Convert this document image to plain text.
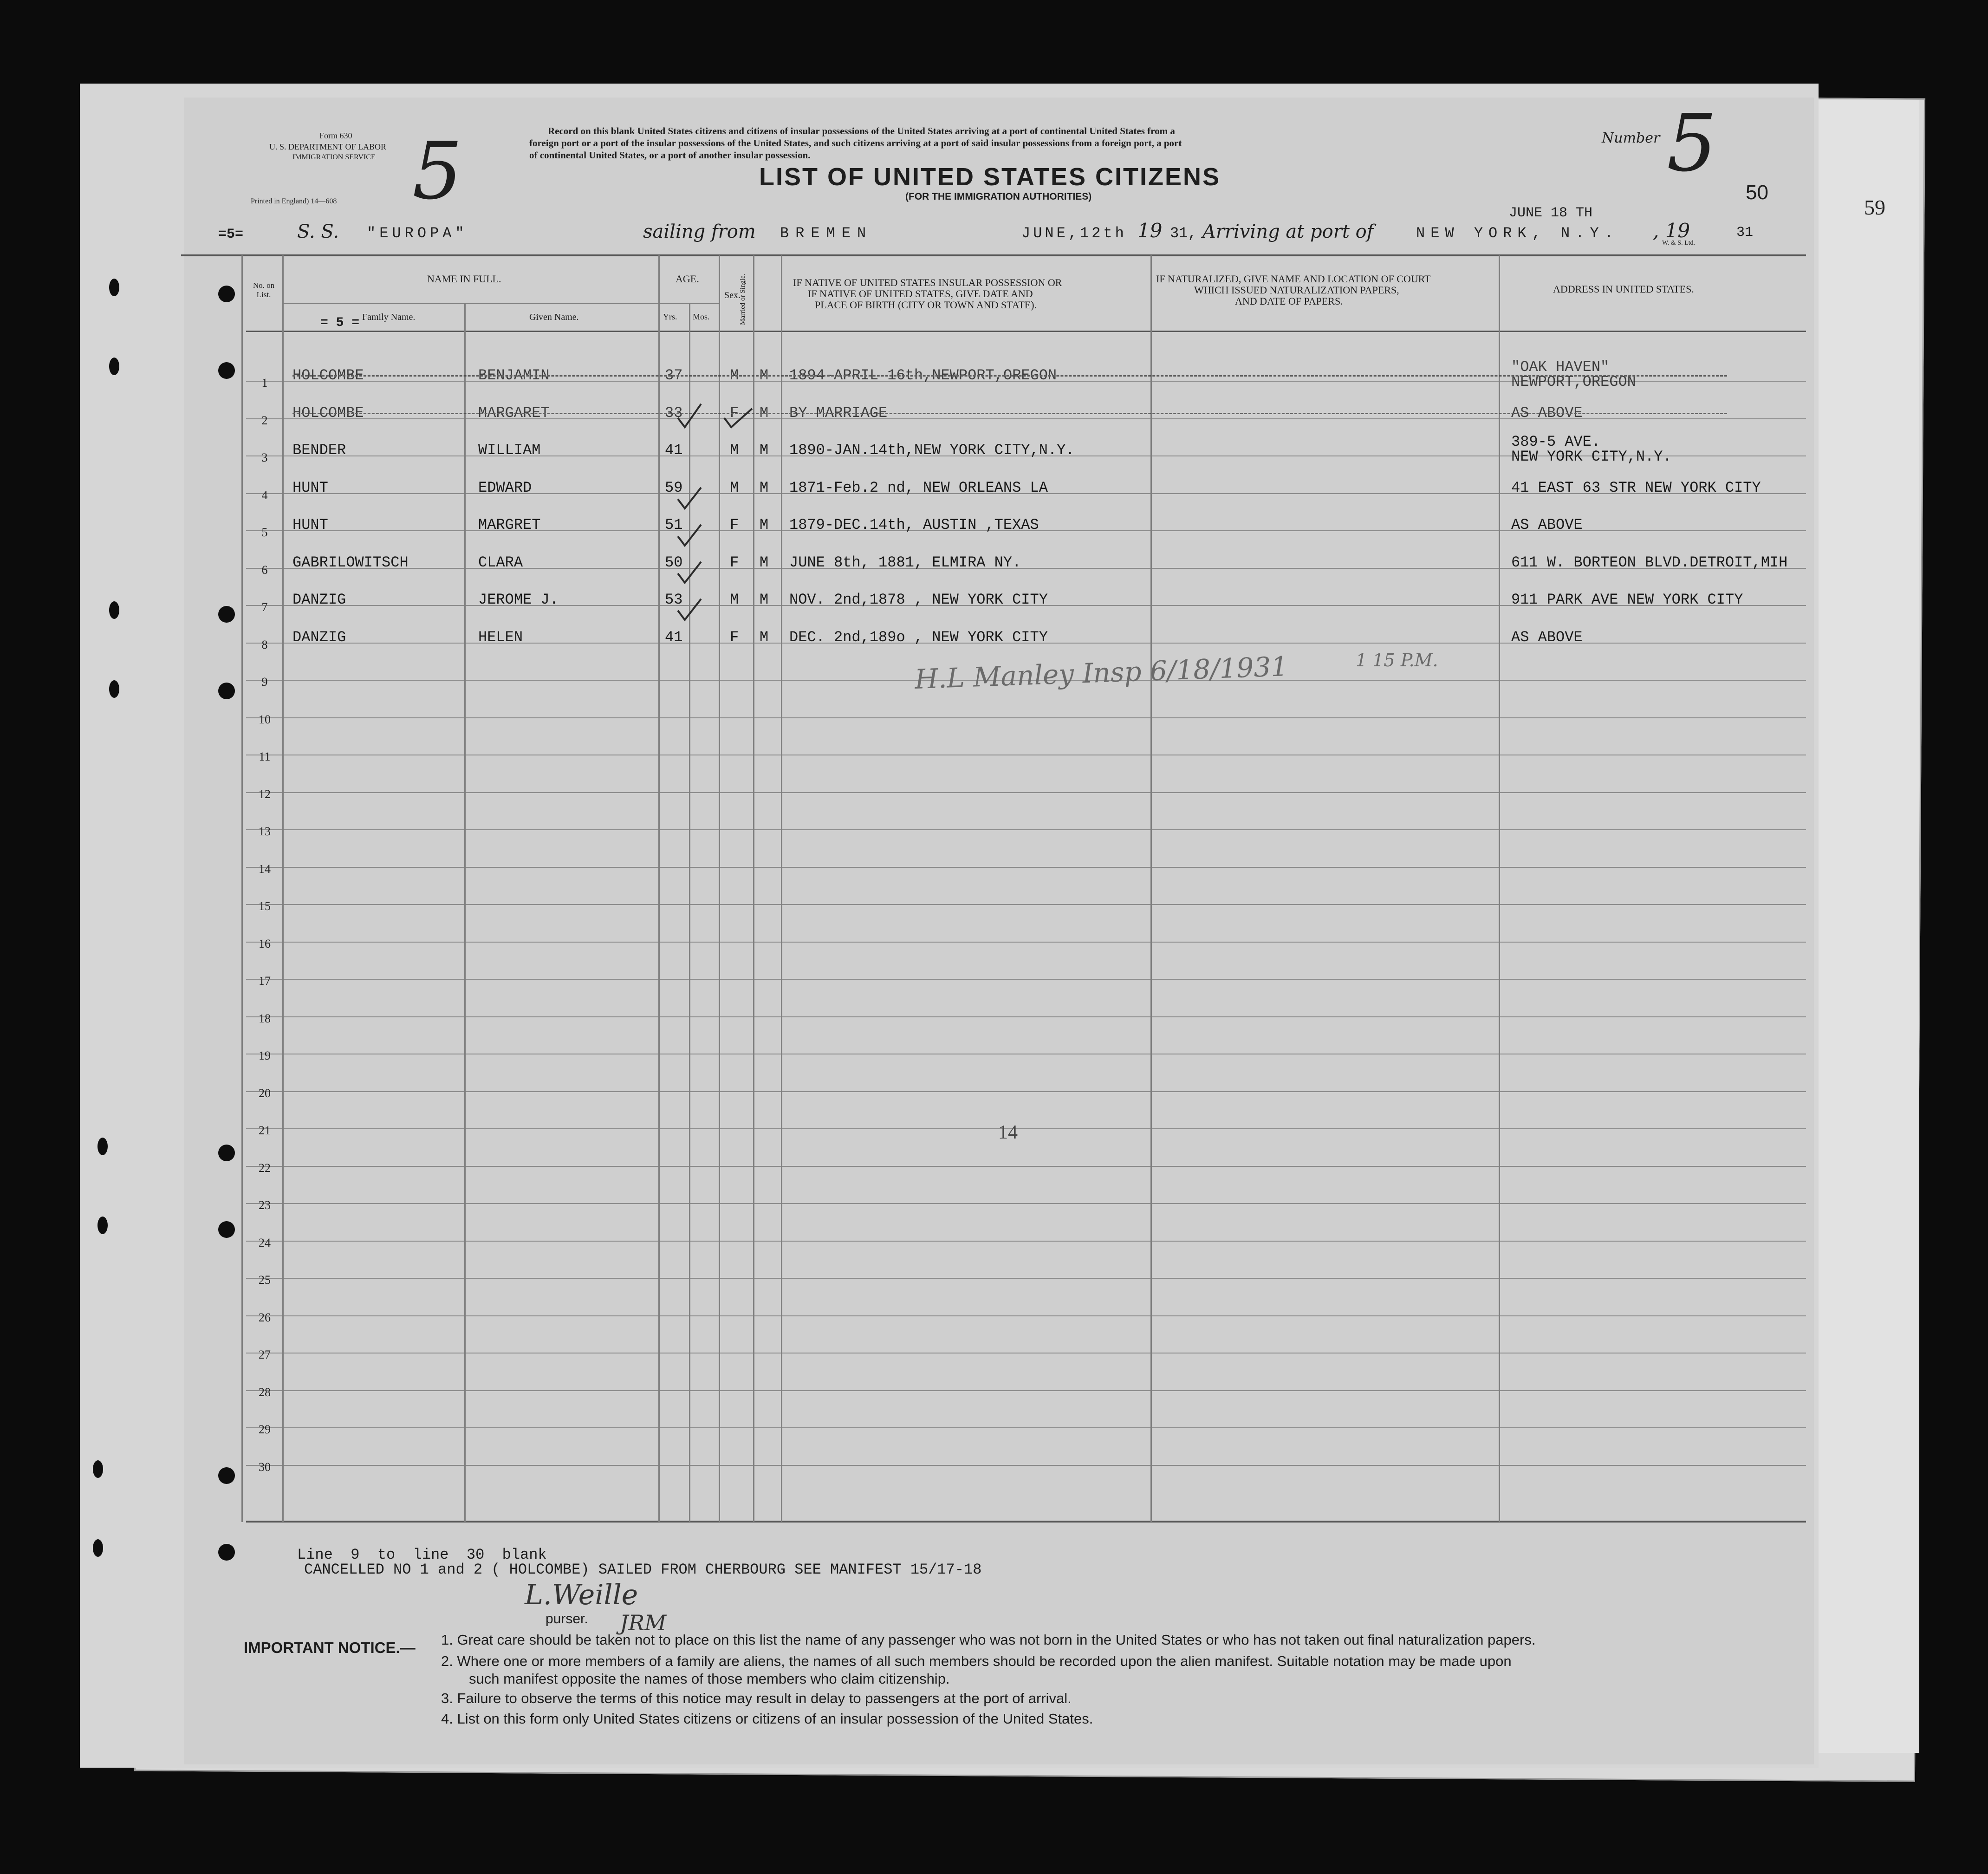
59
Form 630
U. S. DEPARTMENT OF LABOR
IMMIGRATION SERVICE
Printed in England) 14—608 5	Record on this blank United States citizens and citizens of insular possessions of the United States arriving at a port of continental United States from a
foreign port or a port of the insular possessions of the United States, and such citizens arriving at a port of said insular possessions from a foreign port, a port
of continental United States, or a port of another insular possession.
LIST OF UNITED STATES CITIZENS
(FOR THE IMMIGRATION AUTHORITIES)
Number 5
50
=5=	S. S. "EUROPA"	sailing from BREMEN	JUNE,12th 19 31, Arriving at port of
JUNE 18 TH
NEW YORK, N.Y. , 19	31
W. & S. Ltd.
No. on List.
NAME IN FULL.
Family Name.	Given Name.
= 5 =
AGE.
Yrs. Mos.
Sex.
Married or Single.	IF NATIVE OF UNITED STATES INSULAR POSSESSION OR
IF NATIVE OF UNITED STATES, GIVE DATE AND
PLACE OF BIRTH (CITY OR TOWN AND STATE).
IF NATURALIZED, GIVE NAME AND LOCATION OF COURT
WHICH ISSUED NATURALIZATION PAPERS,
AND DATE OF PAPERS.
ADDRESS IN UNITED STATES.
1	HOLCOMBE	BENJAMIN	37	M M 1894-APRIL 16th,NEWPORT,OREGON	"OAK HAVEN"
NEWPORT,OREGON
2	HOLCOMBE	MARGARET	33	F M BY MARRIAGE	AS ABOVE
3	BENDER	WILLIAM	41	M M 1890-JAN.14th,NEW YORK CITY,N.Y.	389-5 AVE.
NEW YORK CITY,N.Y.
4	HUNT	EDWARD	59	M M 1871-Feb.2 nd, NEW ORLEANS LA	41 EAST 63 STR NEW YORK CITY
5	HUNT	MARGRET	51	F M 1879-DEC.14th, AUSTIN ,TEXAS	AS ABOVE
6	GABRILOWITSCH	CLARA	50	F M JUNE 8th, 1881, ELMIRA NY.	611 W. BORTEON BLVD.DETROIT,MIH
7	DANZIG	JEROME J.	53	M M NOV. 2nd,1878 , NEW YORK CITY	911 PARK AVE NEW YORK CITY
8	DANZIG	HELEN	41	F M DEC. 2nd,189o , NEW YORK CITY	AS ABOVE
9
10
11
12
13
14
15
16
17
18
19
20
21
22
23
24
25
26
27
28
29
30
H.L Manley Insp 6/18/1931	1 15 P.M.
14
Line  9  to  line  30  blank
CANCELLED NO 1 and 2 ( HOLCOMBE) SAILED FROM CHERBOURG SEE MANIFEST 15/17-18
L.Weille
purser. JRM
IMPORTANT NOTICE.— 1. Great care should be taken not to place on this list the name of any passenger who was not born in the United States or who has not taken out final naturalization papers.
2. Where one or more members of a family are aliens, the names of all such members should be recorded upon the alien manifest. Suitable notation may be made upon
such manifest opposite the names of those members who claim citizenship.
3. Failure to observe the terms of this notice may result in delay to passengers at the port of arrival.
4. List on this form only United States citizens or citizens of an insular possession of the United States.
